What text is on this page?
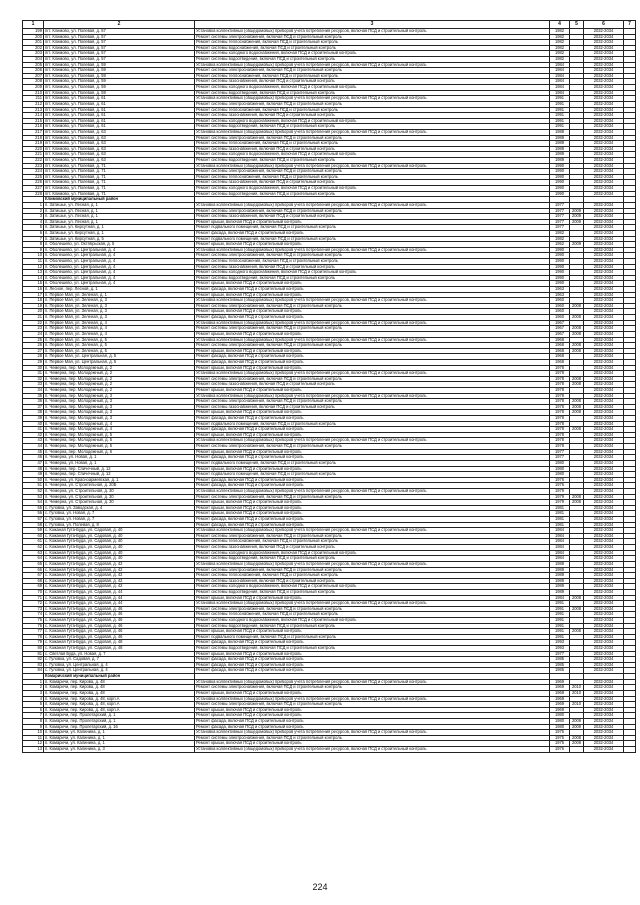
1	2	3	4	5	6	7
199	пгт. Климово, ул. Полевая, д. 57	Установка коллективных (общедомовых) приборов учета потребления ресурсов, включая ПСД и строительный контроль	1982		2032-2034	
200	пгт. Климово, ул. Полевая, д. 57	Ремонт системы электроснабжения, включая ПСД и строительный контроль	1982		2032-2034	
201	пгт. Климово, ул. Полевая, д. 57	Ремонт системы теплоснабжения, включая ПСД и строительный контроль	1982		2032-2034	
202	пгт. Климово, ул. Полевая, д. 57	Ремонт системы водоснабжения, включая ПСД и строительный контроль	1982		2032-2034	
203	пгт. Климово, ул. Полевая, д. 57	Ремонт системы холодного водоснабжения, включая ПСД и строительный контроль	1982		2032-2034	
204	пгт. Климово, ул. Полевая, д. 57	Ремонт системы водоотведения, включая ПСД и строительный контроль	1982		2032-2034	
205	пгт. Климово, ул. Полевая, д. 59	Установка коллективных (общедомовых) приборов учета потребления ресурсов, включая ПСД и строительный контроль	1984		2032-2034	
206	пгт. Климово, ул. Полевая, д. 59	Ремонт системы электроснабжения, включая ПСД и строительный контроль	1984		2032-2034	
207	пгт. Климово, ул. Полевая, д. 59	Ремонт системы теплоснабжения, включая ПСД и строительный контроль	1984		2032-2034	
208	пгт. Климово, ул. Полевая, д. 59	Ремонт системы газоснабжения, включая ПСД и строительный контроль	1984		2032-2034	
209	пгт. Климово, ул. Полевая, д. 59	Ремонт системы холодного водоснабжения, включая ПСД и строительный контроль	1984		2032-2034	
210	пгт. Климово, ул. Полевая, д. 59	Ремонт системы водоотведения, включая ПСД и строительный контроль	1984		2032-2034	
211	пгт. Климово, ул. Полевая, д. 61	Установка коллективных (общедомовых) приборов учета потребления ресурсов, включая ПСД и строительный контроль	1991		2032-2034	
212	пгт. Климово, ул. Полевая, д. 61	Ремонт системы электроснабжения, включая ПСД и строительный контроль	1991		2032-2034	
213	пгт. Климово, ул. Полевая, д. 61	Ремонт системы теплоснабжения, включая ПСД и строительный контроль	1991		2032-2034	
214	пгт. Климово, ул. Полевая, д. 61	Ремонт системы газоснабжения, включая ПСД и строительный контроль	1991		2032-2034	
215	пгт. Климово, ул. Полевая, д. 61	Ремонт системы холодного водоснабжения, включая ПСД и строительный контроль	1991		2032-2034	
216	пгт. Климово, ул. Полевая, д. 61	Ремонт системы водоотведения, включая ПСД и строительный контроль	1991		2032-2034	
217	пгт. Климово, ул. Полевая, д. 63	Установка коллективных (общедомовых) приборов учета потребления ресурсов, включая ПСД и строительный контроль	1989		2032-2034	
218	пгт. Климово, ул. Полевая, д. 63	Ремонт системы электроснабжения, включая ПСД и строительный контроль	1989		2032-2034	
219	пгт. Климово, ул. Полевая, д. 63	Ремонт системы теплоснабжения, включая ПСД и строительный контроль	1989		2032-2034	
220	пгт. Климово, ул. Полевая, д. 63	Ремонт системы газоснабжения, включая ПСД и строительный контроль	1989		2032-2034	
221	пгт. Климово, ул. Полевая, д. 63	Ремонт системы холодного водоснабжения, включая ПСД и строительный контроль	1989		2032-2034	
222	пгт. Климово, ул. Полевая, д. 63	Ремонт системы водоотведения, включая ПСД и строительный контроль	1989		2032-2034	
223	пгт. Климово, ул. Полевая, д. 71	Установка коллективных (общедомовых) приборов учета потребления ресурсов, включая ПСД и строительный контроль	1990		2032-2034	
224	пгт. Климово, ул. Полевая, д. 71	Ремонт системы электроснабжения, включая ПСД и строительный контроль	1990		2032-2034	
225	пгт. Климово, ул. Полевая, д. 71	Ремонт системы теплоснабжения, включая ПСД и строительный контроль	1990		2032-2034	
226	пгт. Климово, ул. Полевая, д. 71	Ремонт системы газоснабжения, включая ПСД и строительный контроль	1990		2032-2034	
227	пгт. Климово, ул. Полевая, д. 71	Ремонт системы холодного водоснабжения, включая ПСД и строительный контроль	1990		2032-2034	
228	пгт. Климово, ул. Полевая, д. 71	Ремонт системы водоотведения, включая ПСД и строительный контроль	1990		2032-2034	
	Климовский муниципальный район					
1	п. Затишье, ул. Лесная, д. 1	Установка коллективных (общедомовых) приборов учета потребления ресурсов, включая ПСД и строительный контроль	1977		2032-2034	
2	п. Затишье, ул. Лесная, д. 1	Ремонт системы электроснабжения, включая ПСД и строительный контроль	1977	2009	2032-2034	
3	п. Затишье, ул. Лесная, д. 1	Ремонт системы газоснабжения, включая ПСД и строительный контроль	1977	2009	2032-2034	
4	п. Затишье, ул. Лесная, д. 1	Ремонт крыши, включая ПСД и строительный контроль	1977	2009	2032-2034	
5	п. Затишье, ул. Кирсутная, д. 1	Ремонт подвального помещения, включая ПСД и строительный контроль	1977		2032-2034	
6	п. Затишье, ул. Кирсутная, д. 1	Ремонт фасада, включая ПСД и строительный контроль	1982		2032-2034	
7	п. Затишье, ул. Кирсутная, д. 5	Ремонт подвального помещения, включая ПСД и строительный контроль	1982		2032-2034	
8	п. Оболешево, ул. Октябрьская, д. 5	Ремонт крыши, включая ПСД и строительный контроль	1952	2009	2032-2034	
9	п. Оболешево, ул. Центральная, д. 4	Установка коллективных (общедомовых) приборов учета потребления ресурсов, включая ПСД и строительный контроль	1990		2032-2034	
10	п. Оболешево, ул. Центральная, д. 4	Ремонт системы электроснабжения, включая ПСД и строительный контроль	1990		2032-2034	
11	п. Оболешево, ул. Центральная, д. 4	Ремонт системы теплоснабжения, включая ПСД и строительный контроль	1990		2032-2034	
12	п. Оболешево, ул. Центральная, д. 4	Ремонт системы газоснабжения, включая ПСД и строительный контроль	1990		2032-2034	
13	п. Оболешево, ул. Центральная, д. 4	Ремонт системы холодного водоснабжения, включая ПСД и строительный контроль	1990		2032-2034	
14	п. Оболешево, ул. Центральная, д. 4	Ремонт системы водоотведения, включая ПСД и строительный контроль	1990		2032-2034	
15	п. Оболешево, ул. Центральная, д. 4	Ремонт крыши, включая ПСД и строительный контроль	1990		2032-2034	
16	п. Лесное, пер. Лесной, д. 1	Ремонт фасада, включая ПСД и строительный контроль	1963		2032-2034	
17	п. Первое Мая, ул. Зеленая, д. 1	Ремонт крыши, включая ПСД и строительный контроль	1963		2032-2034	
18	п. Первое Мая, ул. Зеленая, д. 3	Установка коллективных (общедомовых) приборов учета потребления ресурсов, включая ПСД и строительный контроль	1960		2032-2034	
19	п. Первое Мая, ул. Зеленая, д. 3	Ремонт системы электроснабжения, включая ПСД и строительный контроль	1960	2008	2032-2034	
20	п. Первое Мая, ул. Зеленая, д. 3	Ремонт крыши, включая ПСД и строительный контроль	1960		2032-2034	
21	п. Первое Мая, ул. Зеленая, д. 3	Ремонт фасада, включая ПСД и строительный контроль	1960	2008	2032-2034	
22	п. Первое Мая, ул. Зеленая, д. 4	Установка коллективных (общедомовых) приборов учета потребления ресурсов, включая ПСД и строительный контроль	1967		2032-2034	
23	п. Первое Мая, ул. Зеленая, д. 4	Ремонт системы электроснабжения, включая ПСД и строительный контроль	1967	2008	2032-2034	
24	п. Первое Мая, ул. Зеленая, д. 4	Ремонт крыши, включая ПСД и строительный контроль	1967	2008	2032-2034	
25	п. Первое Мая, ул. Зеленая, д. 5	Установка коллективных (общедомовых) приборов учета потребления ресурсов, включая ПСД и строительный контроль	1968		2032-2034	
26	п. Первое Мая, ул. Зеленая, д. 5	Ремонт системы электроснабжения, включая ПСД и строительный контроль	1968	2008	2032-2034	
27	п. Первое Мая, ул. Зеленая, д. 5	Ремонт крыши, включая ПСД и строительный контроль	1968	2008	2032-2034	
28	п. Первое Мая, ул. Центральная, д. 5	Ремонт фасада, включая ПСД и строительный контроль	1968		2032-2034	
29	п. Первое Мая, ул. Центральная, д. 5	Ремонт фасада, включая ПСД и строительный контроль	1968		2032-2034	
30	п. Чемерна, пер. Молодежный, д. 2	Ремонт крыши, включая ПСД и строительный контроль	1978		2032-2034	
31	п. Чемерна, пер. Молодежный, д. 2	Установка коллективных (общедомовых) приборов учета потребления ресурсов, включая ПСД и строительный контроль	1978		2032-2034	
32	п. Чемерна, пер. Молодежный, д. 2	Ремонт системы электроснабжения, включая ПСД и строительный контроль	1978	2008	2032-2034	
33	п. Чемерна, пер. Молодежный, д. 2	Ремонт системы газоснабжения, включая ПСД и строительный контроль	1978	2008	2032-2034	
34	п. Чемерна, пер. Молодежный, д. 2	Ремонт крыши, включая ПСД и строительный контроль	1978		2032-2034	
35	п. Чемерна, пер. Молодежный, д. 3	Установка коллективных (общедомовых) приборов учета потребления ресурсов, включая ПСД и строительный контроль	1978		2032-2034	
36	п. Чемерна, пер. Молодежный, д. 3	Ремонт системы электроснабжения, включая ПСД и строительный контроль	1978	2008	2032-2034	
37	п. Чемерна, пер. Молодежный, д. 3	Ремонт системы газоснабжения, включая ПСД и строительный контроль	1978	2008	2032-2034	
38	п. Чемерна, пер. Молодежный, д. 3	Ремонт крыши, включая ПСД и строительный контроль	1978	2008	2032-2034	
39	п. Чемерна, пер. Молодежный, д. 3	Ремонт фасада, включая ПСД и строительный контроль	1978		2032-2034	
40	п. Чемерна, пер. Молодежный, д. 4	Ремонт подвального помещения, включая ПСД и строительный контроль	1978		2032-2034	
41	п. Чемерна, пер. Молодежный, д. 4	Ремонт фасада, включая ПСД и строительный контроль	1978	2008	2032-2034	
42	п. Чемерна, пер. Молодежный, д. 5	Ремонт крыши, включая ПСД и строительный контроль	1978		2032-2034	
43	п. Чемерна, пер. Молодежный, д. 5	Установка коллективных (общедомовых) приборов учета потребления ресурсов, включая ПСД и строительный контроль	1978		2032-2034	
44	п. Чемерна, пер. Молодежный, д. 5	Ремонт системы электроснабжения, включая ПСД и строительный контроль	1978		2032-2034	
45	п. Чемерна, пер. Молодежный, д. 6	Ремонт крыши, включая ПСД и строительный контроль	1977		2032-2034	
46	п. Чемерна, ул. Новая, д. 1	Ремонт фасада, включая ПСД и строительный контроль	1977		2032-2034	
47	п. Чемерна, ул. Новая, д. 1	Ремонт подвального помещения, включая ПСД и строительный контроль	1980		2032-2034	
48	п. Чемерна, пер. Спичечный, д. 12	Ремонт крыши, включая ПСД и строительный контроль	1980		2032-2034	
49	п. Чемерна, пер. Спичечный, д. 12	Ремонт подвального помещения, включая ПСД и строительный контроль	1980		2032-2034	
50	п. Чемерна, ул. Красноармейская, д. 1	Ремонт фасада, включая ПСД и строительный контроль	1976		2032-2034	
51	п. Чемерна, ул. Строительная, д. 20Б	Ремонт фасада, включая ПСД и строительный контроль	1976		2032-2034	
52	п. Чемерна, ул. Строительная, д. 30	Установка коллективных (общедомовых) приборов учета потребления ресурсов, включая ПСД и строительный контроль	1979		2032-2034	
53	п. Чемерна, ул. Строительная, д. 30	Ремонт системы электроснабжения, включая ПСД и строительный контроль	1979	2008	2032-2034	
54	п. Чемерна, ул. Строительная, д. 30	Ремонт крыши, включая ПСД и строительный контроль	1979	2008	2032-2034	
55	с. Гуловка, ул. Заводская, д. 4	Ремонт крыши, включая ПСД и строительный контроль	1981		2032-2034	
56	с. Гуловка, ул. Новая, д. 7	Ремонт крыши, включая ПСД и строительный контроль	1981		2032-2034	
57	с. Гуловка, ул. Новая, д. 7	Ремонт фасада, включая ПСД и строительный контроль	1981		2032-2034	
58	с. Гуловка, ул. Полевая, д. 8	Ремонт фасада, включая ПСД и строительный контроль	1981		2032-2034	
59	с. Кожаная Гута-Буда, ул. Садовая, д. 40	Установка коллективных (общедомовых) приборов учета потребления ресурсов, включая ПСД и строительный контроль	1984		2032-2034	
60	с. Кожаная Гута-Буда, ул. Садовая, д. 40	Ремонт системы электроснабжения, включая ПСД и строительный контроль	1984		2032-2034	
61	с. Кожаная Гута-Буда, ул. Садовая, д. 40	Ремонт системы теплоснабжения, включая ПСД и строительный контроль	1984		2032-2034	
62	с. Кожаная Гута-Буда, ул. Садовая, д. 40	Ремонт системы газоснабжения, включая ПСД и строительный контроль	1984		2032-2034	
63	с. Кожаная Гута-Буда, ул. Садовая, д. 40	Ремонт системы холодного водоснабжения, включая ПСД и строительный контроль	1984		2032-2034	
64	с. Кожаная Гута-Буда, ул. Садовая, д. 40	Ремонт системы водоотведения, включая ПСД и строительный контроль	1984		2032-2034	
65	с. Кожаная Гута-Буда, ул. Садовая, д. 42	Установка коллективных (общедомовых) приборов учета потребления ресурсов, включая ПСД и строительный контроль	1989		2032-2034	
66	с. Кожаная Гута-Буда, ул. Садовая, д. 42	Ремонт системы электроснабжения, включая ПСД и строительный контроль	1989		2032-2034	
67	с. Кожаная Гута-Буда, ул. Садовая, д. 42	Ремонт системы теплоснабжения, включая ПСД и строительный контроль	1989		2032-2034	
68	с. Кожаная Гута-Буда, ул. Садовая, д. 42	Ремонт системы газоснабжения, включая ПСД и строительный контроль	1989		2032-2034	
69	с. Кожаная Гута-Буда, ул. Садовая, д. 42	Ремонт системы холодного водоснабжения, включая ПСД и строительный контроль	1989		2032-2034	
70	с. Кожаная Гута-Буда, ул. Садовая, д. 44	Ремонт системы водоотведения, включая ПСД и строительный контроль	1989		2032-2034	
71	с. Кожаная Гута-Буда, ул. Садовая, д. 44	Ремонт крыши, включая ПСД и строительный контроль	1984	2008	2032-2034	
72	с. Кожаная Гута-Буда, ул. Садовая, д. 44	Установка коллективных (общедомовых) приборов учета потребления ресурсов, включая ПСД и строительный контроль	1991		2032-2034	
73	с. Кожаная Гута-Буда, ул. Садовая, д. 46	Ремонт системы электроснабжения, включая ПСД и строительный контроль	1991	2008	2032-2034	
74	с. Кожаная Гута-Буда, ул. Садовая, д. 46	Ремонт системы теплоснабжения, включая ПСД и строительный контроль	1991		2032-2034	
75	с. Кожаная Гута-Буда, ул. Садовая, д. 46	Ремонт системы холодного водоснабжения, включая ПСД и строительный контроль	1991		2032-2034	
76	с. Кожаная Гута-Буда, ул. Садовая, д. 46	Ремонт системы водоотведения, включая ПСД и строительный контроль	1991		2032-2034	
77	с. Кожаная Гута-Буда, ул. Садовая, д. 46	Ремонт крыши, включая ПСД и строительный контроль	1991	2008	2032-2034	
78	с. Кожаная Гута-Буда, ул. Садовая, д. 46	Ремонт подвального помещения, включая ПСД и строительный контроль	1991		2032-2034	
79	с. Кожаная Гута-Буда, ул. Садовая, д. 48	Ремонт фасада, включая ПСД и строительный контроль	1993		2032-2034	
80	с. Кожаная Гута-Буда, ул. Садовая, д. 48	Ремонт системы водоотведения, включая ПСД и строительный контроль	1993		2032-2034	
81	с. Светлая Буда, ул. Новая, д. 7	Ремонт крыши, включая ПСД и строительный контроль	1977		2032-2034	
82	с. Гуловка, ул. Садовая, д. 7	Ремонт фасада, включая ПСД и строительный контроль	1985		2032-2034	
83	с. Гуловка, ул. Центральная, д. 4	Ремонт фасада, включая ПСД и строительный контроль	1985		2032-2034	
84	с. Гуловка, ул. Центральная, д. 4	Ремонт фасада, включая ПСД и строительный контроль	1985		2032-2034	
	Комаричский муниципальный район					
1	п. Комаричи, пер. Кирова, д. 48	Установка коллективных (общедомовых) приборов учета потребления ресурсов, включая ПСД и строительный контроль	1969		2032-2034	
2	п. Комаричи, пер. Кирова, д. 48	Ремонт системы электроснабжения, включая ПСД и строительный контроль	1969	2010	2032-2034	
3	п. Комаричи, пер. Кирова, д. 48	Ремонт крыши, включая ПСД и строительный контроль	1969	2010	2032-2034	
4	п. Комаричи, пер. Кирова, д. 48, корп.А	Установка коллективных (общедомовых) приборов учета потребления ресурсов, включая ПСД и строительный контроль	1969		2032-2034	
5	п. Комаричи, пер. Кирова, д. 48, корп.А	Ремонт системы электроснабжения, включая ПСД и строительный контроль	1969	2010	2032-2034	
6	п. Комаричи, пер. Кирова, д. 48, корп.А	Ремонт крыши, включая ПСД и строительный контроль	1969		2032-2034	
7	п. Комаричи, пер. Пролетарский, д. 1	Ремонт крыши, включая ПСД и строительный контроль	1980		2032-2034	
8	п. Комаричи, пер. Пролетарский, д. 1	Ремонт фасада, включая ПСД и строительный контроль	1980	2009	2032-2034	
9	п. Комаричи, пер. Пролетарский, д. 16	Ремонт фасада, включая ПСД и строительный контроль	1980	2009	2032-2034	
10	п. Комаричи, ул. Калинина, д. 1	Установка коллективных (общедомовых) приборов учета потребления ресурсов, включая ПСД и строительный контроль	1975		2032-2034	
11	п. Комаричи, ул. Калинина, д. 1	Ремонт системы электроснабжения, включая ПСД и строительный контроль	1975	2008	2032-2034	
12	п. Комаричи, ул. Калинина, д. 1	Ремонт крыши, включая ПСД и строительный контроль	1975	2008	2032-2034	
13	п. Комаричи, ул. Калинина, д. 3	Установка коллективных (общедомовых) приборов учета потребления ресурсов, включая ПСД и строительный контроль	1976		2032-2034	
224
